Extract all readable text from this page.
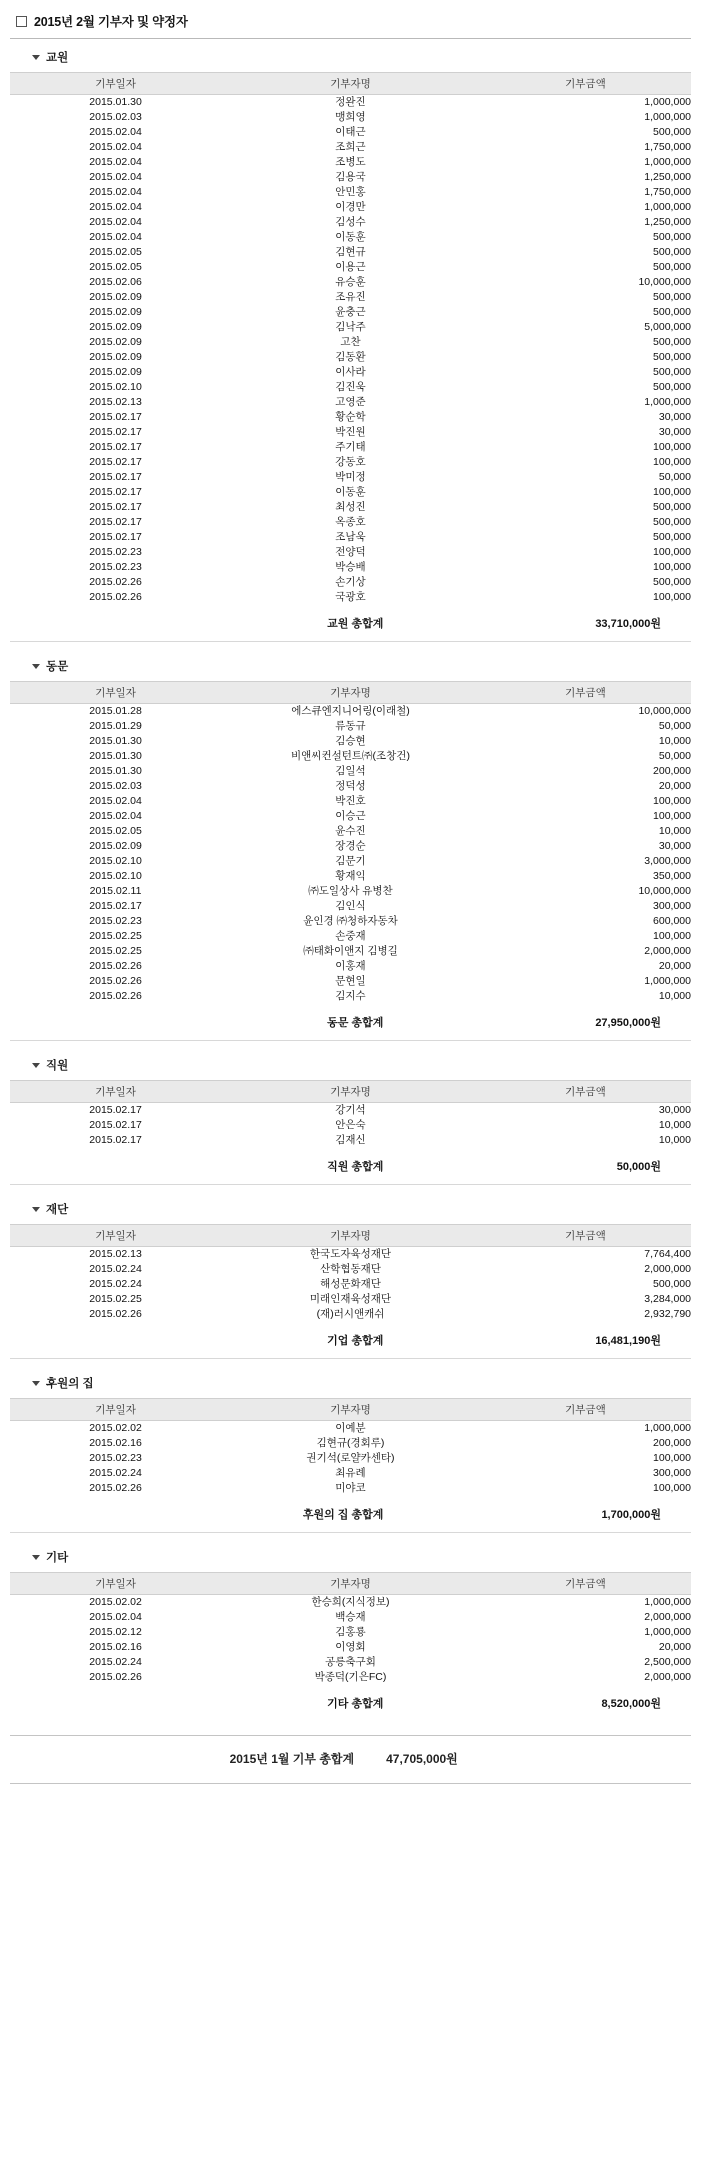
2015년 2월 기부자 및 약정자
교원
기부일자	기부자명	기부금액
2015.01.30	정완진	1,000,000
2015.02.03	맹희영	1,000,000
2015.02.04	이태근	500,000
2015.02.04	조희근	1,750,000
2015.02.04	조병도	1,000,000
2015.02.04	김용국	1,250,000
2015.02.04	안민홍	1,750,000
2015.02.04	이경만	1,000,000
2015.02.04	김성수	1,250,000
2015.02.04	이동훈	500,000
2015.02.05	김현규	500,000
2015.02.05	이용근	500,000
2015.02.06	유승훈	10,000,000
2015.02.09	조유진	500,000
2015.02.09	윤충근	500,000
2015.02.09	김낙주	5,000,000
2015.02.09	고찬	500,000
2015.02.09	김동환	500,000
2015.02.09	이사라	500,000
2015.02.10	김진욱	500,000
2015.02.13	고영준	1,000,000
2015.02.17	황순학	30,000
2015.02.17	박진원	30,000
2015.02.17	주기태	100,000
2015.02.17	강동호	100,000
2015.02.17	박미정	50,000
2015.02.17	이동훈	100,000
2015.02.17	최성진	500,000
2015.02.17	옥종호	500,000
2015.02.17	조남욱	500,000
2015.02.23	전양덕	100,000
2015.02.23	박승배	100,000
2015.02.26	손기상	500,000
2015.02.26	국광호	100,000
교원 총합계	33,710,000원
동문
기부일자	기부자명	기부금액
2015.01.28	에스큐엔지니어링(이래철)	10,000,000
2015.01.29	류동규	50,000
2015.01.30	김승현	10,000
2015.01.30	비앤씨컨설턴트㈜(조창건)	50,000
2015.01.30	김일석	200,000
2015.02.03	정덕성	20,000
2015.02.04	박진호	100,000
2015.02.04	이승근	100,000
2015.02.05	윤수진	10,000
2015.02.09	장경순	30,000
2015.02.10	김문기	3,000,000
2015.02.10	황재익	350,000
2015.02.11	㈜도일상사 유병찬	10,000,000
2015.02.17	김인식	300,000
2015.02.23	윤인경 ㈜청하자동차	600,000
2015.02.25	손중재	100,000
2015.02.25	㈜태화이앤지 김병길	2,000,000
2015.02.26	이홍재	20,000
2015.02.26	문현일	1,000,000
2015.02.26	김지수	10,000
동문 총합계	27,950,000원
직원
기부일자	기부자명	기부금액
2015.02.17	강기석	30,000
2015.02.17	안은숙	10,000
2015.02.17	김재신	10,000
직원 총합계	50,000원
재단
기부일자	기부자명	기부금액
2015.02.13	한국도자육성재단	7,764,400
2015.02.24	산학협동재단	2,000,000
2015.02.24	해성문화재단	500,000
2015.02.25	미래인재육성재단	3,284,000
2015.02.26	(재)러시앤캐쉬	2,932,790
기업 총합계	16,481,190원
후원의 집
기부일자	기부자명	기부금액
2015.02.02	이예분	1,000,000
2015.02.16	김현규(경회루)	200,000
2015.02.23	권기석(로얄카센타)	100,000
2015.02.24	최유례	300,000
2015.02.26	미야코	100,000
후원의 집 총합계	1,700,000원
기타
기부일자	기부자명	기부금액
2015.02.02	한승희(지식정보)	1,000,000
2015.02.04	백승재	2,000,000
2015.02.12	김홍룡	1,000,000
2015.02.16	이영회	20,000
2015.02.24	공릉축구회	2,500,000
2015.02.26	박종덕(기은FC)	2,000,000
기타 총합계	8,520,000원
2015년 1월 기부 총합계	47,705,000원
